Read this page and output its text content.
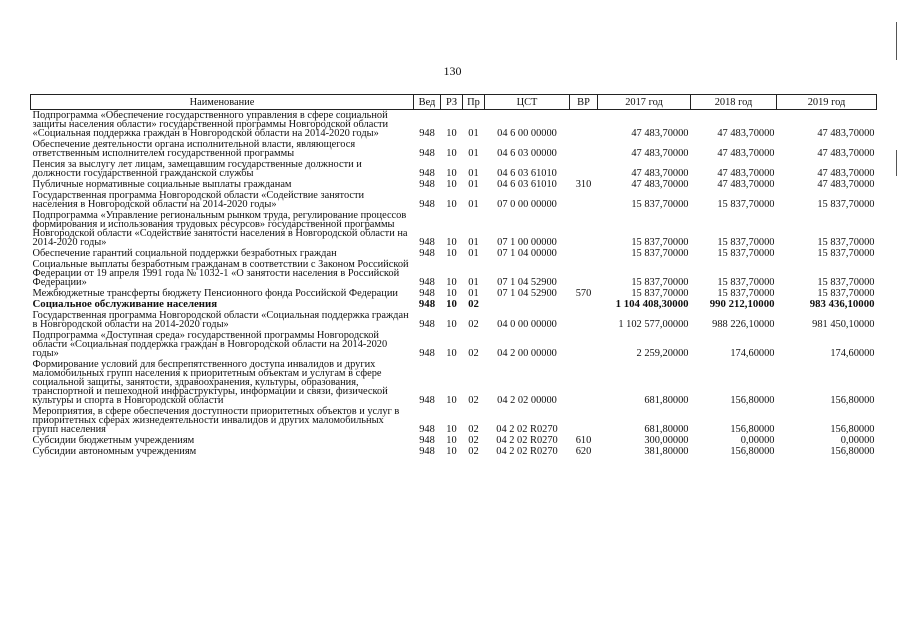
130
Наименование	Вед	РЗ	Пр	ЦСТ	ВР	2017 год	2018 год	2019 год
Подпрограмма «Обеспечение государственного управления в сфере социальной защиты населения области» государственной программы Новгородской области «Социальная поддержка граждан в Новгородской области на 2014-2020 годы»	948	10	01	04 6 00 00000		47 483,70000	47 483,70000	47 483,70000
Обеспечение деятельности органа исполнительной власти, являющегося ответственным исполнителем государственной программы	948	10	01	04 6 03 00000		47 483,70000	47 483,70000	47 483,70000
Пенсия за выслугу лет лицам, замещавшим государственные должности и должности государственной гражданской службы	948	10	01	04 6 03 61010		47 483,70000	47 483,70000	47 483,70000
Публичные нормативные социальные выплаты гражданам	948	10	01	04 6 03 61010	310	47 483,70000	47 483,70000	47 483,70000
Государственная программа Новгородской области «Содействие занятости населения в Новгородской области на 2014-2020 годы»	948	10	01	07 0 00 00000		15 837,70000	15 837,70000	15 837,70000
Подпрограмма «Управление региональным рынком труда, регулирование процессов формирования и использования трудовых ресурсов» государственной программы Новгородской области «Содействие занятости населения в Новгородской области на 2014-2020 годы»	948	10	01	07 1 00 00000		15 837,70000	15 837,70000	15 837,70000
Обеспечение гарантий социальной поддержки безработных граждан	948	10	01	07 1 04 00000		15 837,70000	15 837,70000	15 837,70000
Социальные выплаты безработным гражданам в соответствии с Законом Российской Федерации от 19 апреля 1991 года № 1032-1 «О занятости населения в Российской Федерации»	948	10	01	07 1 04 52900		15 837,70000	15 837,70000	15 837,70000
Межбюджетные трансферты бюджету Пенсионного фонда Российской Федерации	948	10	01	07 1 04 52900	570	15 837,70000	15 837,70000	15 837,70000
Социальное обслуживание населения	948	10	02			1 104 408,30000	990 212,10000	983 436,10000
Государственная программа Новгородской области «Социальная поддержка граждан в Новгородской области на 2014-2020 годы»	948	10	02	04 0 00 00000		1 102 577,00000	988 226,10000	981 450,10000
Подпрограмма «Доступная среда» государственной программы Новгородской области «Социальная поддержка граждан в Новгородской области на 2014-2020 годы»	948	10	02	04 2 00 00000		2 259,20000	174,60000	174,60000
Формирование условий для беспрепятственного доступа инвалидов и других маломобильных групп населения к приоритетным объектам и услугам в сфере социальной защиты, занятости, здравоохранения, культуры, образования, транспортной и пешеходной инфраструктуры, информации и связи, физической культуры и спорта в Новгородской области	948	10	02	04 2 02 00000		681,80000	156,80000	156,80000
Мероприятия, в сфере обеспечения доступности приоритетных объектов и услуг в приоритетных сферах жизнедеятельности инвалидов и других маломобильных групп населения	948	10	02	04 2 02 R0270		681,80000	156,80000	156,80000
Субсидии бюджетным учреждениям	948	10	02	04 2 02 R0270	610	300,00000	0,00000	0,00000
Субсидии автономным учреждениям	948	10	02	04 2 02 R0270	620	381,80000	156,80000	156,80000
